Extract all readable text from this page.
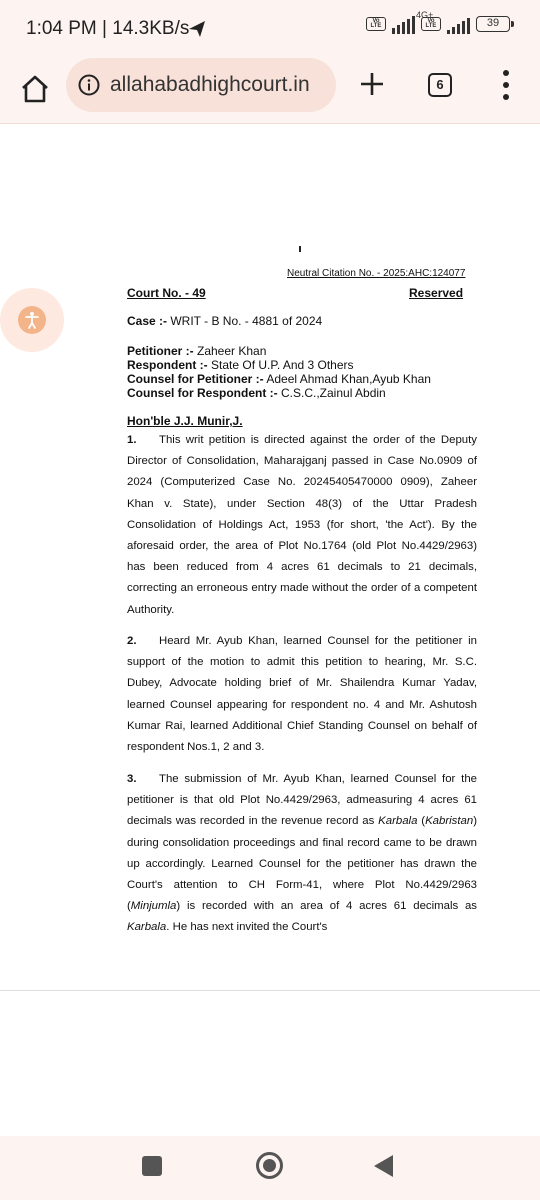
1:04 PM | 14.3KB/s	Vo LTE
4G+
Vo LTE	39
allahabadhighcourt.in	6
Neutral Citation No. - 2025:AHC:124077
Court No. - 49	Reserved
Case :- WRIT - B No. - 4881 of 2024
Petitioner :- Zaheer Khan
Respondent :- State Of U.P. And 3 Others
Counsel for Petitioner :- Adeel Ahmad Khan,Ayub Khan
Counsel for Respondent :- C.S.C.,Zainul Abdin
Hon'ble J.J. Munir,J.

1. This writ petition is directed against the order of the Deputy Director of Consolidation, Maharajganj passed in Case No.0909 of 2024 (Computerized Case No. 20245405470000 0909), Zaheer Khan v. State), under Section 48(3) of the Uttar Pradesh Consolidation of Holdings Act, 1953 (for short, 'the Act'). By the aforesaid order, the area of Plot No.1764 (old Plot No.4429/2963) has been reduced from 4 acres 61 decimals to 21 decimals, correcting an erroneous entry made without the order of a competent Authority.

2. Heard Mr. Ayub Khan, learned Counsel for the petitioner in support of the motion to admit this petition to hearing, Mr. S.C. Dubey, Advocate holding brief of Mr. Shailendra Kumar Yadav, learned Counsel appearing for respondent no. 4 and Mr. Ashutosh Kumar Rai, learned Additional Chief Standing Counsel on behalf of respondent Nos.1, 2 and 3.

3. The submission of Mr. Ayub Khan, learned Counsel for the petitioner is that old Plot No.4429/2963, admeasuring 4 acres 61 decimals was recorded in the revenue record as Karbala (Kabristan) during consolidation proceedings and final record came to be drawn up accordingly. Learned Counsel for the petitioner has drawn the Court's attention to CH Form-41, where Plot No.4429/2963 (Minjumla) is recorded with an area of 4 acres 61 decimals as Karbala. He has next invited the Court's
